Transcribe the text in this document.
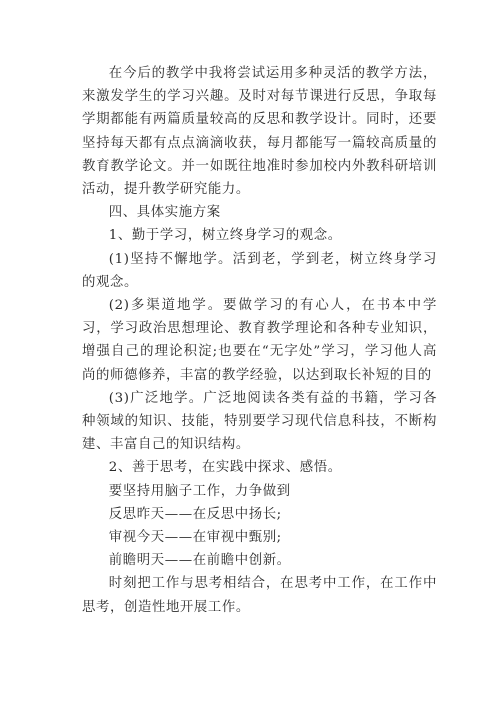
在今后的教学中我将尝试运用多种灵活的教学方法，来激发学生的学习兴趣。及时对每节课进行反思，争取每学期都能有两篇质量较高的反思和教学设计。同时，还要坚持每天都有点点滴滴收获，每月都能写一篇较高质量的教育教学论文。并一如既往地准时参加校内外教科研培训活动，提升教学研究能力。

四、具体实施方案

1、勤于学习，树立终身学习的观念。

(1)坚持不懈地学。活到老，学到老，树立终身学习的观念。

(2)多渠道地学。要做学习的有心人，在书本中学习，学习政治思想理论、教育教学理论和各种专业知识，增强自己的理论积淀;也要在“无字处”学习，学习他人高尚的师德修养，丰富的教学经验，以达到取长补短的目的

(3)广泛地学。广泛地阅读各类有益的书籍，学习各种领域的知识、技能，特别要学习现代信息科技，不断构建、丰富自己的知识结构。

2、善于思考，在实践中探求、感悟。

要坚持用脑子工作，力争做到

反思昨天——在反思中扬长;

审视今天——在审视中甄别;

前瞻明天——在前瞻中创新。

时刻把工作与思考相结合，在思考中工作，在工作中思考，创造性地开展工作。
